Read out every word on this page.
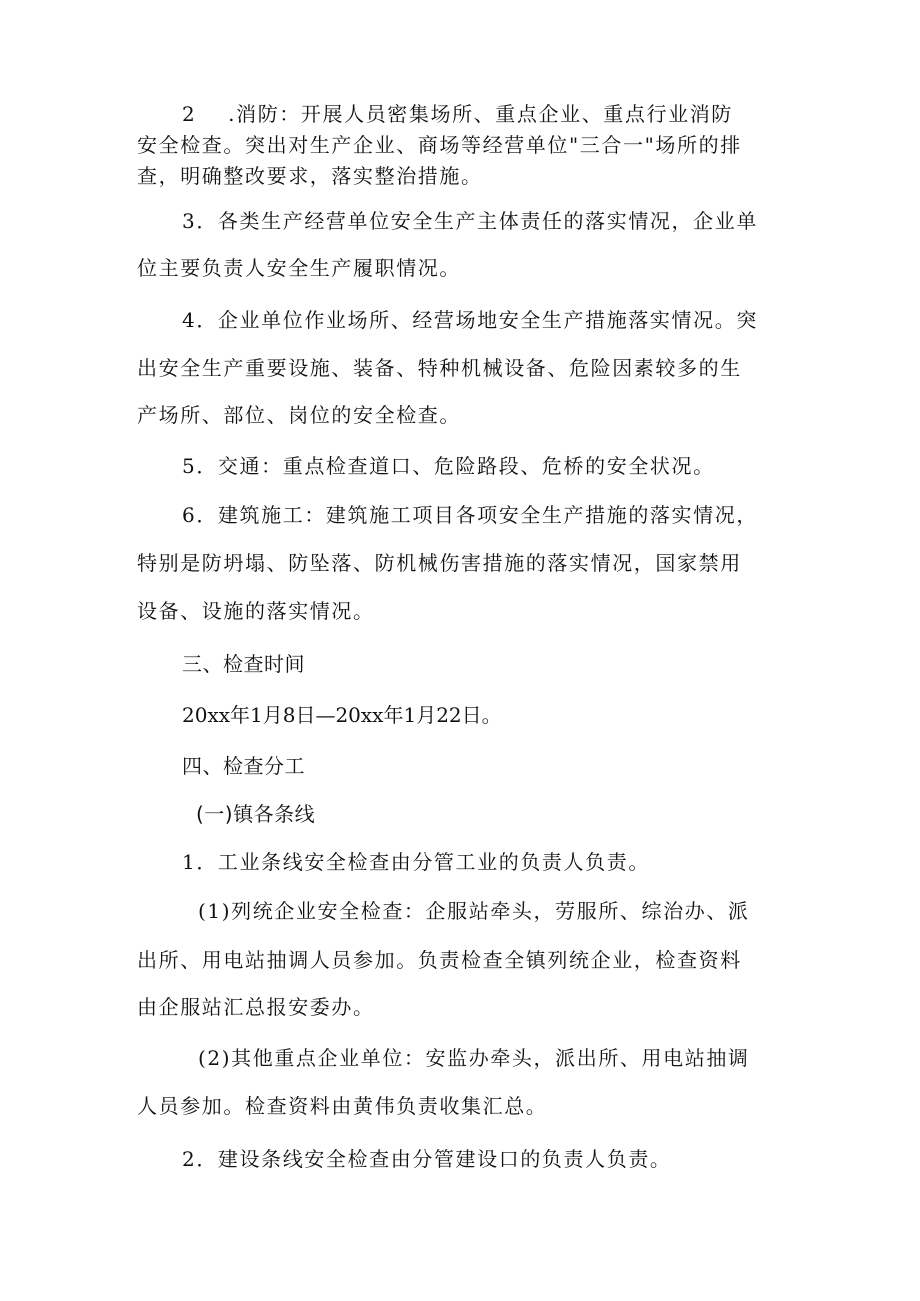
2    .消防：开展人员密集场所、重点企业、重点行业消防
安全检查。突出对生产企业、商场等经营单位"三合一"场所的排
查，明确整改要求，落实整治措施。
3．各类生产经营单位安全生产主体责任的落实情况，企业单
位主要负责人安全生产履职情况。
4．企业单位作业场所、经营场地安全生产措施落实情况。突
出安全生产重要设施、装备、特种机械设备、危险因素较多的生
产场所、部位、岗位的安全检查。
5．交通：重点检查道口、危险路段、危桥的安全状况。
6．建筑施工：建筑施工项目各项安全生产措施的落实情况，
特别是防坍塌、防坠落、防机械伤害措施的落实情况，国家禁用
设备、设施的落实情况。
三、检查时间
20xx年1月8日—20xx年1月22日。
四、检查分工
(一)镇各条线
1．工业条线安全检查由分管工业的负责人负责。
(1)列统企业安全检查：企服站牵头，劳服所、综治办、派
出所、用电站抽调人员参加。负责检查全镇列统企业，检查资料
由企服站汇总报安委办。
(2)其他重点企业单位：安监办牵头，派出所、用电站抽调
人员参加。检查资料由黄伟负责收集汇总。
2．建设条线安全检查由分管建设口的负责人负责。
